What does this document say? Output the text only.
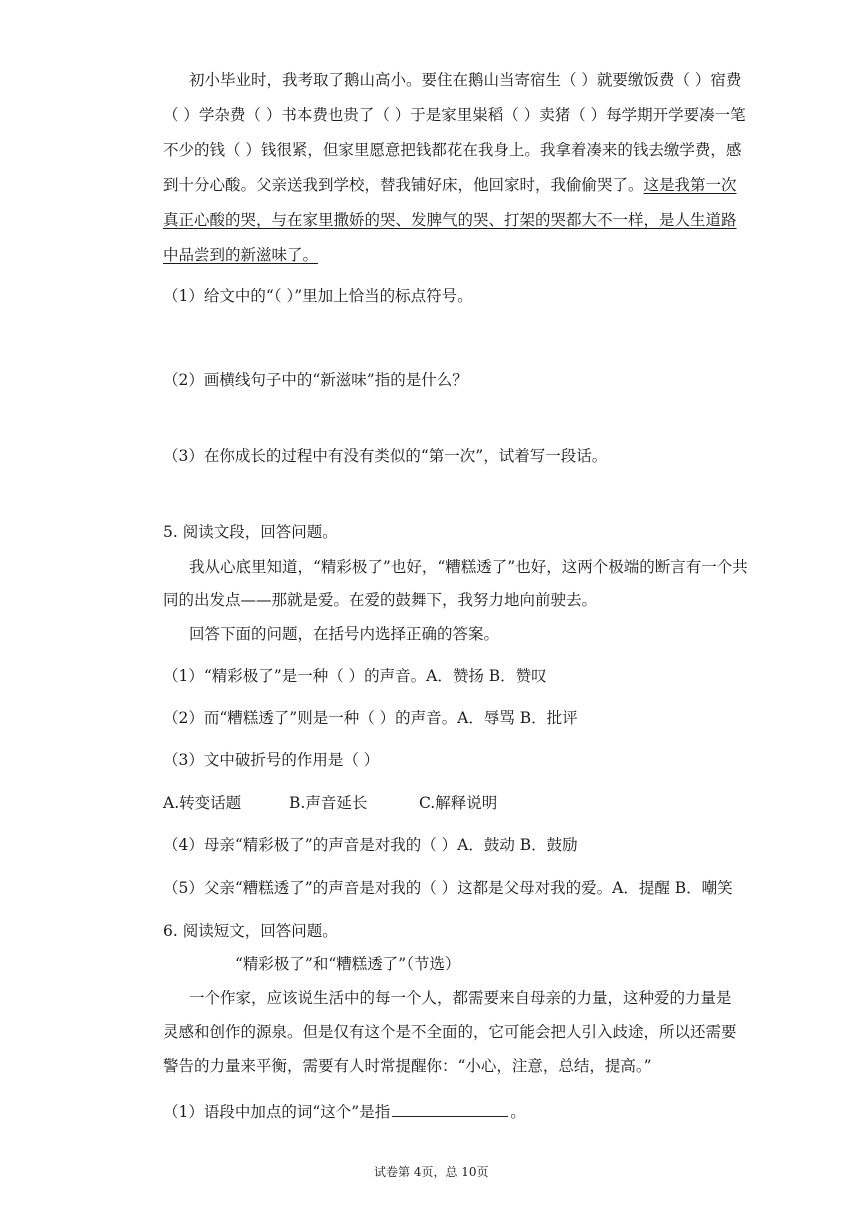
初小毕业时，我考取了鹅山高小。要住在鹅山当寄宿生（ ）就要缴饭费（ ）宿费
（ ）学杂费（ ）书本费也贵了（ ）于是家里粜稻（ ）卖猪（ ）每学期开学要凑一笔
不少的钱（ ）钱很紧，但家里愿意把钱都花在我身上。我拿着凑来的钱去缴学费，感
到十分心酸。父亲送我到学校，替我铺好床，他回家时，我偷偷哭了。这是我第一次
真正心酸的哭，与在家里撒娇的哭、发脾气的哭、打架的哭都大不一样，是人生道路
中品尝到的新滋味了。
（1）给文中的“（ ）”里加上恰当的标点符号。
（2）画横线句子中的“新滋味”指的是什么？
（3）在你成长的过程中有没有类似的“第一次”，试着写一段话。
5. 阅读文段，回答问题。
我从心底里知道，“精彩极了”也好，“糟糕透了”也好，这两个极端的断言有一个共
同的出发点——那就是爱。在爱的鼓舞下，我努力地向前驶去。
回答下面的问题，在括号内选择正确的答案。
（1）“精彩极了”是一种（ ）的声音。A．赞扬 B．赞叹
（2）而“糟糕透了”则是一种（ ）的声音。A．辱骂 B．批评
（3）文中破折号的作用是（ ）
A.转变话题	B.声音延长	C.解释说明
（4）母亲“精彩极了”的声音是对我的（ ）A．鼓动 B．鼓励
（5）父亲“糟糕透了”的声音是对我的（ ）这都是父母对我的爱。A．提醒 B．嘲笑
6. 阅读短文，回答问题。
“精彩极了”和“糟糕透了”（节选）
一个作家，应该说生活中的每一个人，都需要来自母亲的力量，这种爱的力量是
灵感和创作的源泉。但是仅有这个是不全面的，它可能会把人引入歧途，所以还需要
警告的力量来平衡，需要有人时常提醒你：“小心，注意，总结，提高。”
（1）语段中加点的词“这个”是指	。
试卷第 4页，总 10页
